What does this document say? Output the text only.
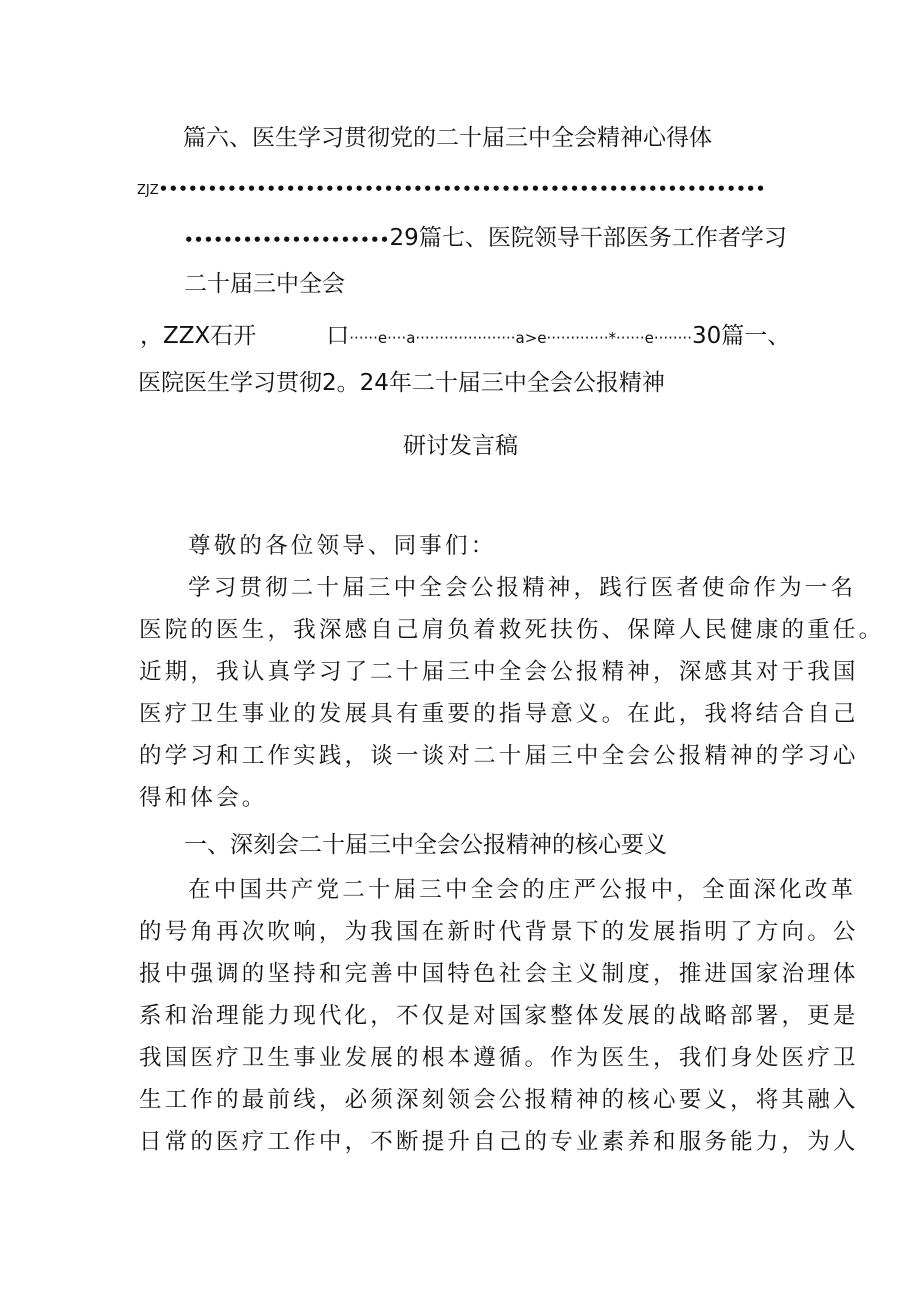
篇六、医生学习贯彻党的二十届三中全会精神心得体
ZJZ••••••••••••••••••••••••••••••••••••••••••••••••••••••••••••••
•••••••••••••••••••••29篇七、医院领导干部医务工作者学习
二十届三中全会
，ZZX石开	口······e····a·····················a>e·············*······e········30篇一、
医院医生学习贯彻2。24年二十届三中全会公报精神
研讨发言稿
尊敬的各位领导、同事们：
学习贯彻二十届三中全会公报精神，践行医者使命作为一名
医院的医生，我深感自己肩负着救死扶伤、保障人民健康的重任。
近期，我认真学习了二十届三中全会公报精神，深感其对于我国
医疗卫生事业的发展具有重要的指导意义。在此，我将结合自己
的学习和工作实践，谈一谈对二十届三中全会公报精神的学习心
得和体会。
一、深刻会二十届三中全会公报精神的核心要义
在中国共产党二十届三中全会的庄严公报中，全面深化改革
的号角再次吹响，为我国在新时代背景下的发展指明了方向。公
报中强调的坚持和完善中国特色社会主义制度，推进国家治理体
系和治理能力现代化，不仅是对国家整体发展的战略部署，更是
我国医疗卫生事业发展的根本遵循。作为医生，我们身处医疗卫
生工作的最前线，必须深刻领会公报精神的核心要义，将其融入
日常的医疗工作中，不断提升自己的专业素养和服务能力，为人
